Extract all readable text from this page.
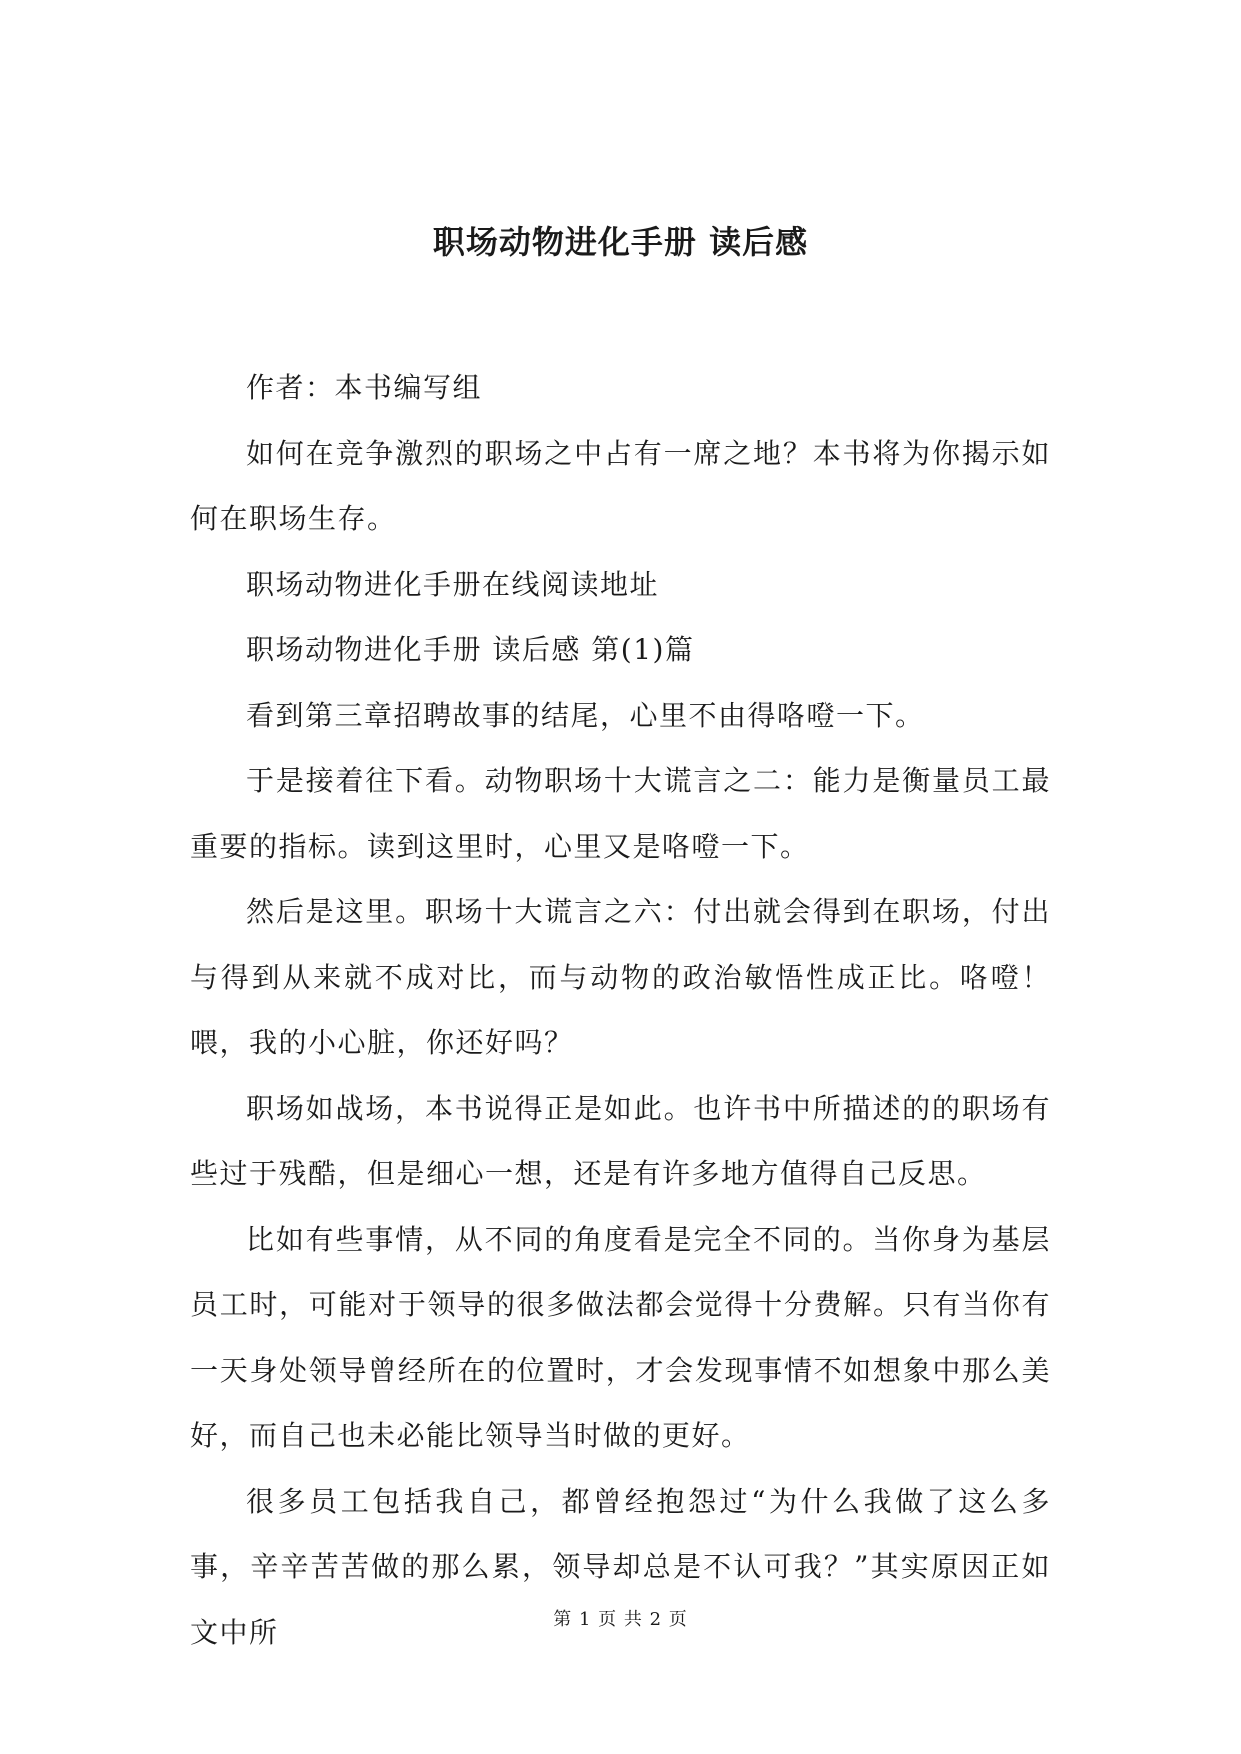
职场动物进化手册 读后感

作者：本书编写组

如何在竞争激烈的职场之中占有一席之地？本书将为你揭示如何在职场生存。

职场动物进化手册在线阅读地址

职场动物进化手册 读后感 第(1)篇

看到第三章招聘故事的结尾，心里不由得咯噔一下。

于是接着往下看。动物职场十大谎言之二：能力是衡量员工最重要的指标。读到这里时，心里又是咯噔一下。

然后是这里。职场十大谎言之六：付出就会得到在职场，付出与得到从来就不成对比，而与动物的政治敏悟性成正比。咯噔！喂，我的小心脏，你还好吗？

职场如战场，本书说得正是如此。也许书中所描述的的职场有些过于残酷，但是细心一想，还是有许多地方值得自己反思。

比如有些事情，从不同的角度看是完全不同的。当你身为基层员工时，可能对于领导的很多做法都会觉得十分费解。只有当你有一天身处领导曾经所在的位置时，才会发现事情不如想象中那么美好，而自己也未必能比领导当时做的更好。

很多员工包括我自己，都曾经抱怨过“为什么我做了这么多事，辛辛苦苦做的那么累，领导却总是不认可我？”其实原因正如文中所	第 1 页 共 2 页
